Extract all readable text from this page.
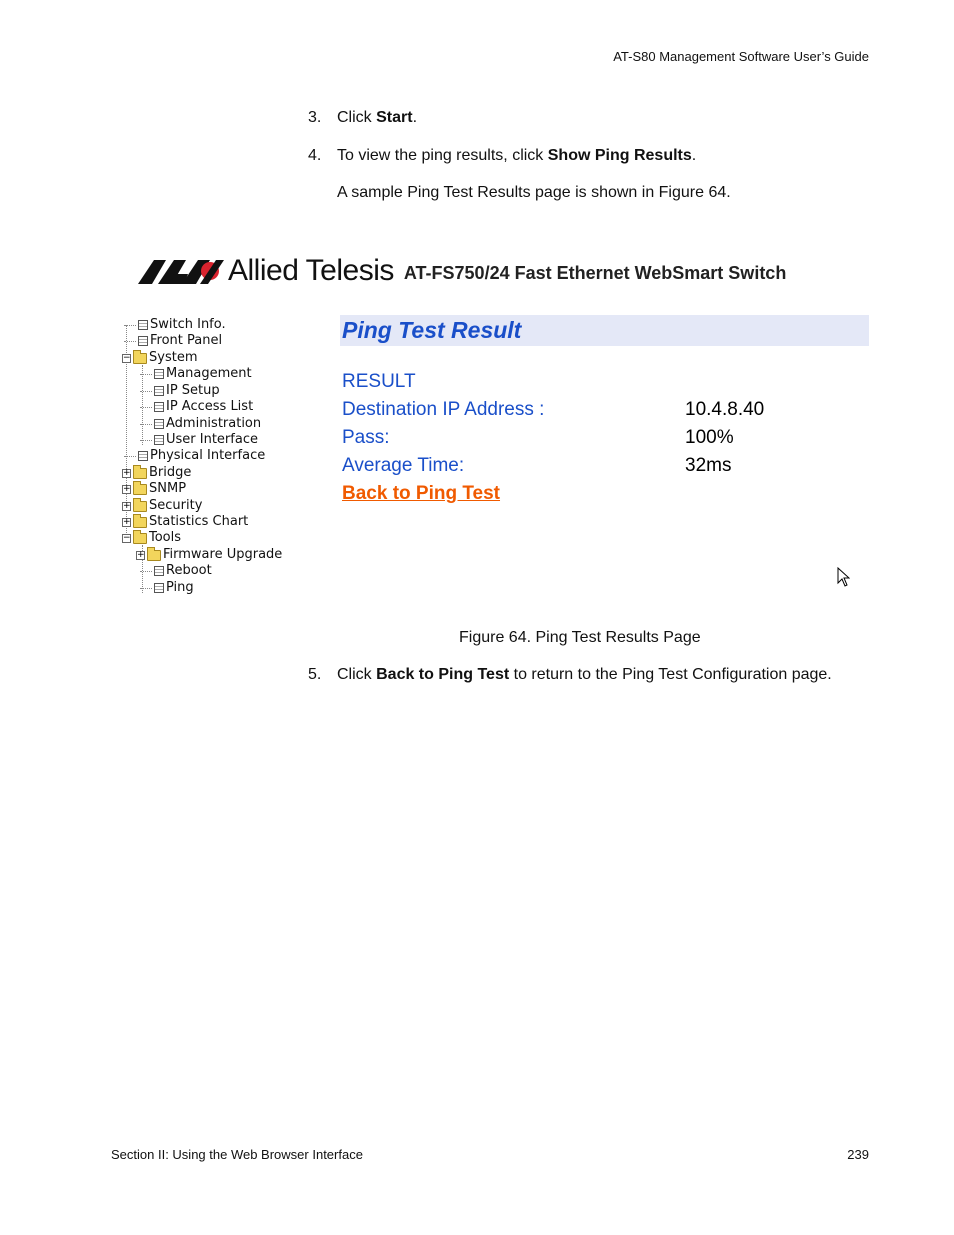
AT-S80 Management Software User’s Guide
3. Click Start.
4. To view the ping results, click Show Ping Results.
A sample Ping Test Results page is shown in Figure 64.
Allied Telesis AT-FS750/24 Fast Ethernet WebSmart Switch
Switch Info.
Front Panel
− System
Management
IP Setup
IP Access List
Administration
User Interface
Physical Interface
+ Bridge
+ SNMP
+ Security
+ Statistics Chart
− Tools
+ Firmware Upgrade
Reboot
Ping
Ping Test Result
RESULT
Destination IP Address :	10.4.8.40
Pass:	100%
Average Time:	32ms
Back to Ping Test
Figure 64. Ping Test Results Page
5. Click Back to Ping Test to return to the Ping Test Configuration page.
Section II: Using the Web Browser Interface	239
